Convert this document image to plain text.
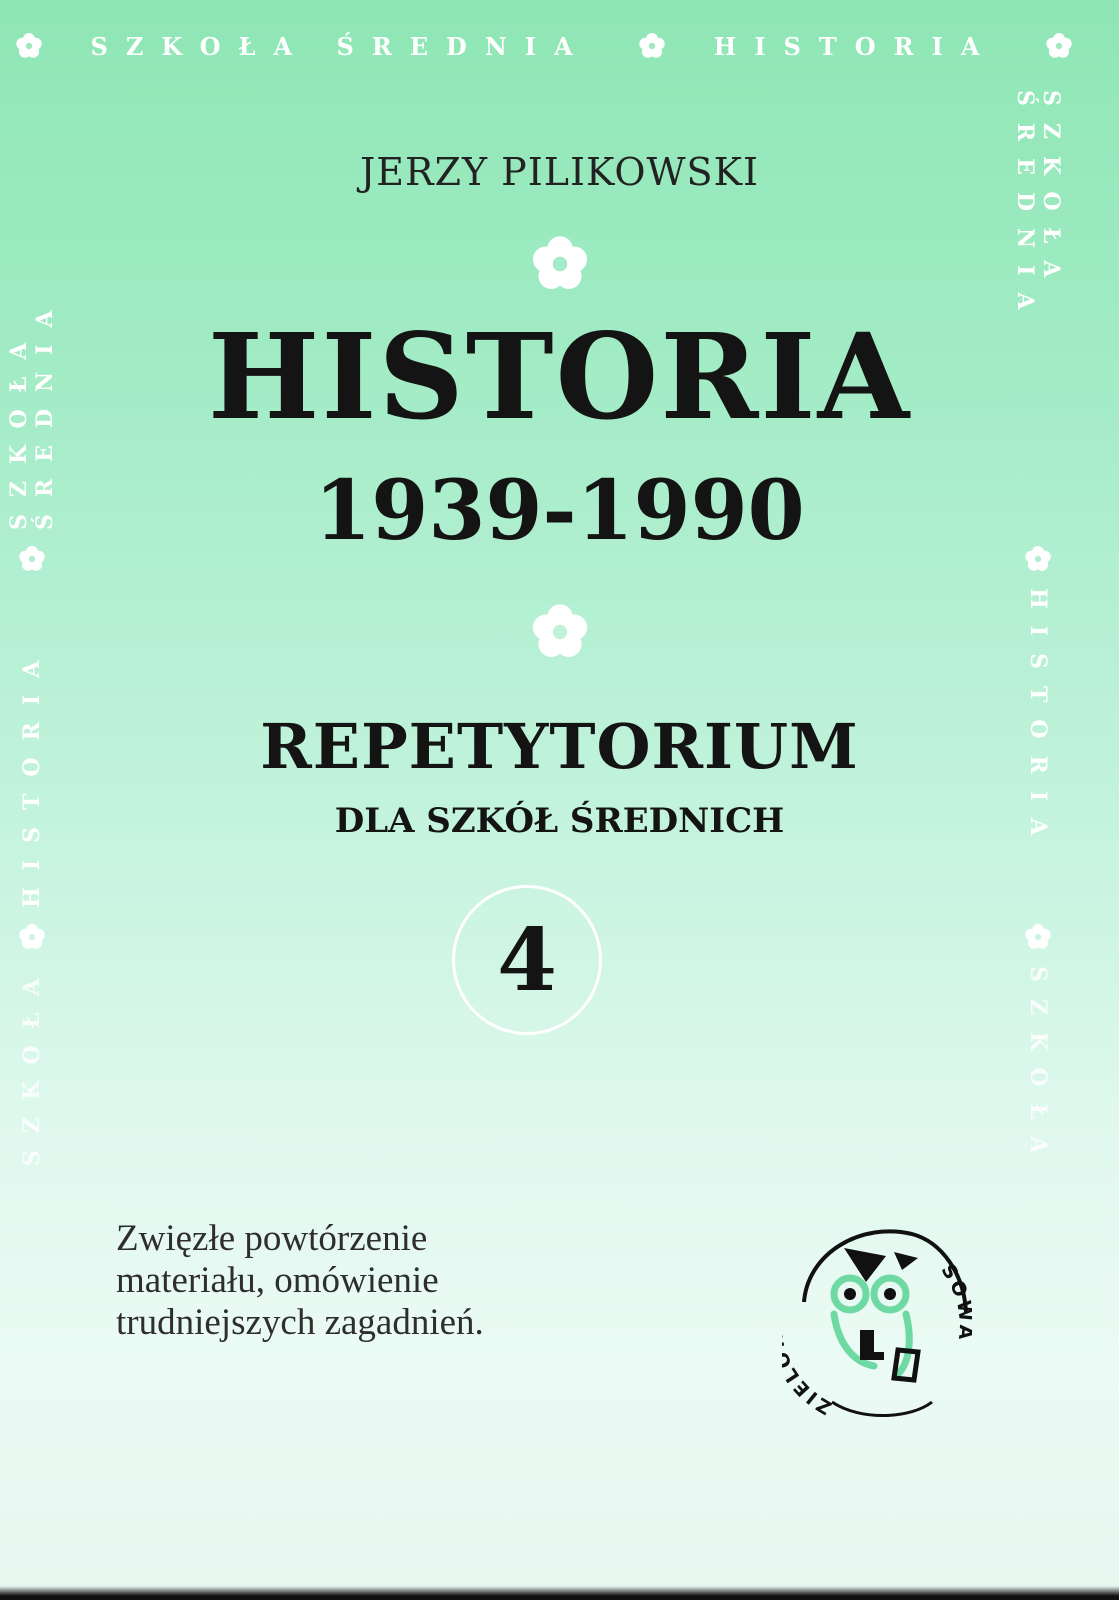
SZKOŁA ŚREDNIA	HISTORIA
SZKOŁA ŚREDNIA
HISTORIA
SZKOŁA
SZKOŁA ŚREDNIA
HISTORIA
SZKOŁA
JERZY PILIKOWSKI
HISTORIA
1939-1990
REPETYTORIUM
DLA SZKÓŁ ŚREDNICH
4
Zwięzłe powtórzenie
materiału, omówienie
trudniejszych zagadnień.
ZIE
SO
